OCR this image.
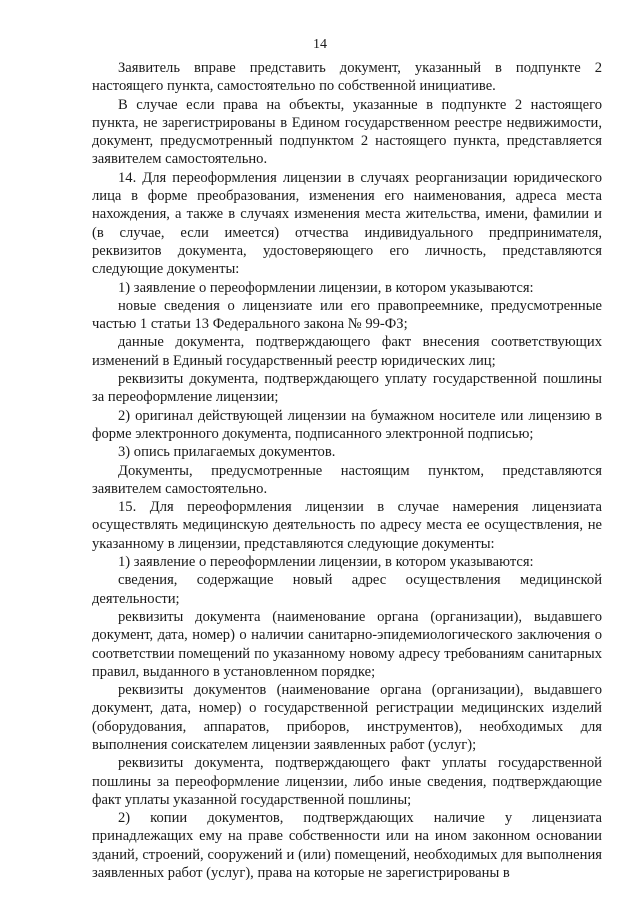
14

Заявитель вправе представить документ, указанный в подпункте 2 настоящего пункта, самостоятельно по собственной инициативе.

В случае если права на объекты, указанные в подпункте 2 настоящего пункта, не зарегистрированы в Едином государственном реестре недвижимости, документ, предусмотренный подпунктом 2 настоящего пункта, представляется заявителем самостоятельно.

14. Для переоформления лицензии в случаях реорганизации юридического лица в форме преобразования, изменения его наименования, адреса места нахождения, а также в случаях изменения места жительства, имени, фамилии и (в случае, если имеется) отчества индивидуального предпринимателя, реквизитов документа, удостоверяющего его личность, представляются следующие документы:

1) заявление о переоформлении лицензии, в котором указываются:

новые сведения о лицензиате или его правопреемнике, предусмотренные частью 1 статьи 13 Федерального закона № 99-ФЗ;

данные документа, подтверждающего факт внесения соответствующих изменений в Единый государственный реестр юридических лиц;

реквизиты документа, подтверждающего уплату государственной пошлины за переоформление лицензии;

2) оригинал действующей лицензии на бумажном носителе или лицензию в форме электронного документа, подписанного электронной подписью;

3) опись прилагаемых документов.

Документы, предусмотренные настоящим пунктом, представляются заявителем самостоятельно.

15. Для переоформления лицензии в случае намерения лицензиата осуществлять медицинскую деятельность по адресу места ее осуществления, не указанному в лицензии, представляются следующие документы:

1) заявление о переоформлении лицензии, в котором указываются:

сведения, содержащие новый адрес осуществления медицинской деятельности;

реквизиты документа (наименование органа (организации), выдавшего документ, дата, номер) о наличии санитарно-эпидемиологического заключения о соответствии помещений по указанному новому адресу требованиям санитарных правил, выданного в установленном порядке;

реквизиты документов (наименование органа (организации), выдавшего документ, дата, номер) о государственной регистрации медицинских изделий (оборудования, аппаратов, приборов, инструментов), необходимых для выполнения соискателем лицензии заявленных работ (услуг);

реквизиты документа, подтверждающего факт уплаты государственной пошлины за переоформление лицензии, либо иные сведения, подтверждающие факт уплаты указанной государственной пошлины;

2) копии документов, подтверждающих наличие у лицензиата принадлежащих ему на праве собственности или на ином законном основании зданий, строений, сооружений и (или) помещений, необходимых для выполнения заявленных работ (услуг), права на которые не зарегистрированы в
